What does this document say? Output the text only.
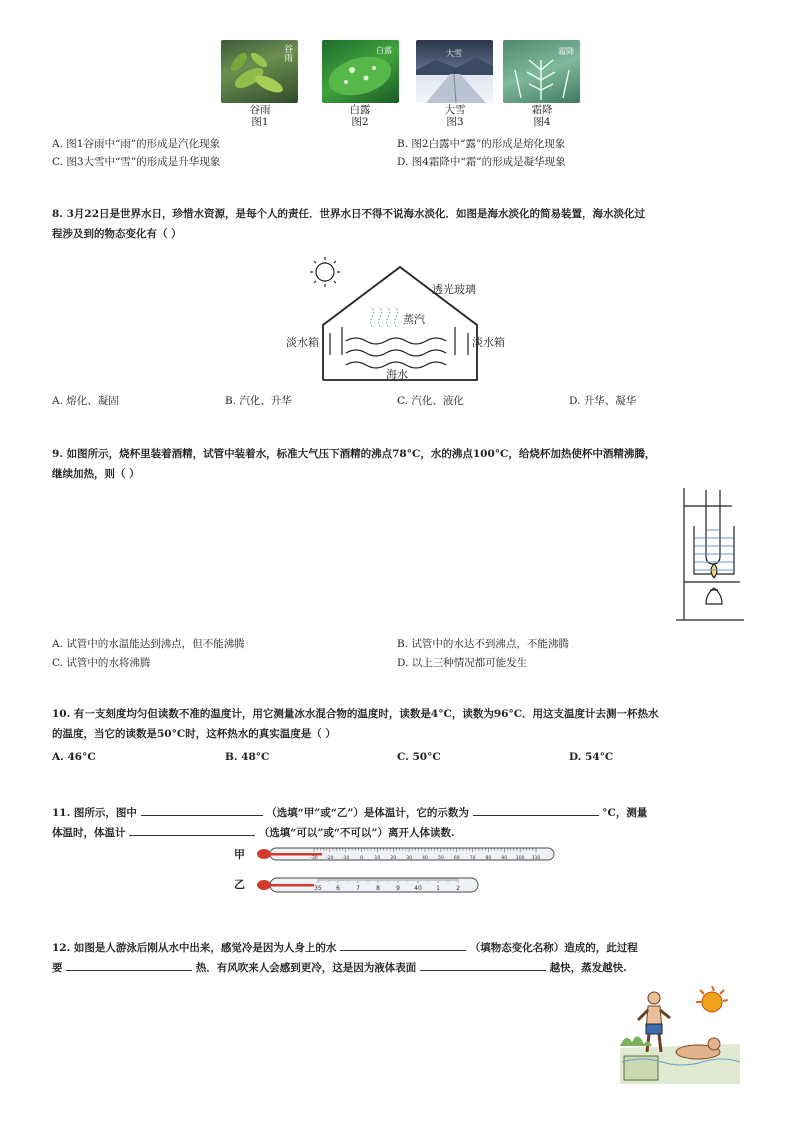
谷雨	白露	大雪	霜降
谷雨
图1
白露
图2
大雪
图3
霜降
图4
A. 图1谷雨中“雨”的形成是汽化现象	B. 图2白露中“露”的形成是熔化现象
C. 图3大雪中“雪”的形成是升华现象	D. 图4霜降中“霜”的形成是凝华现象
8. 3月22日是世界水日，珍惜水资源，是每个人的责任．世界水日不得不说海水淡化．如图是海水淡化的简易装置，海水淡化过
程涉及到的物态变化有（ ）
透光玻璃
蒸汽
淡水箱	淡水箱
海水
A. 熔化、凝固	B. 汽化、升华	C. 汽化、液化	D. 升华、凝华
9. 如图所示，烧杯里装着酒精，试管中装着水，标准大气压下酒精的沸点78°C，水的沸点100°C，给烧杯加热使杯中酒精沸腾，
继续加热，则（ ）
A. 试管中的水温能达到沸点，但不能沸腾	B. 试管中的水达不到沸点，不能沸腾
C. 试管中的水将沸腾	D. 以上三种情况都可能发生
10. 有一支刻度均匀但读数不准的温度计，用它测量冰水混合物的温度时，读数是4°C，读数为96°C．用这支温度计去测一杯热水
的温度，当它的读数是50°C时，这杯热水的真实温度是（ ）
A. 46°C	B. 48°C	C. 50°C	D. 54°C
11. 图所示，图中	（选填“甲”或“乙”）是体温计，它的示数为	°C，测量
体温时，体温计	（选填“可以”或“不可以”）离开人体读数.
甲
乙
-30 -20 -10 0	10 20 30 40 50 60 70 80 90 100 110
35 6	7	8	9 40 1	2
12. 如图是人游泳后刚从水中出来，感觉冷是因为人身上的水	（填物态变化名称）造成的，此过程
要	热．有风吹来人会感到更冷，这是因为液体表面	越快，蒸发越快.
